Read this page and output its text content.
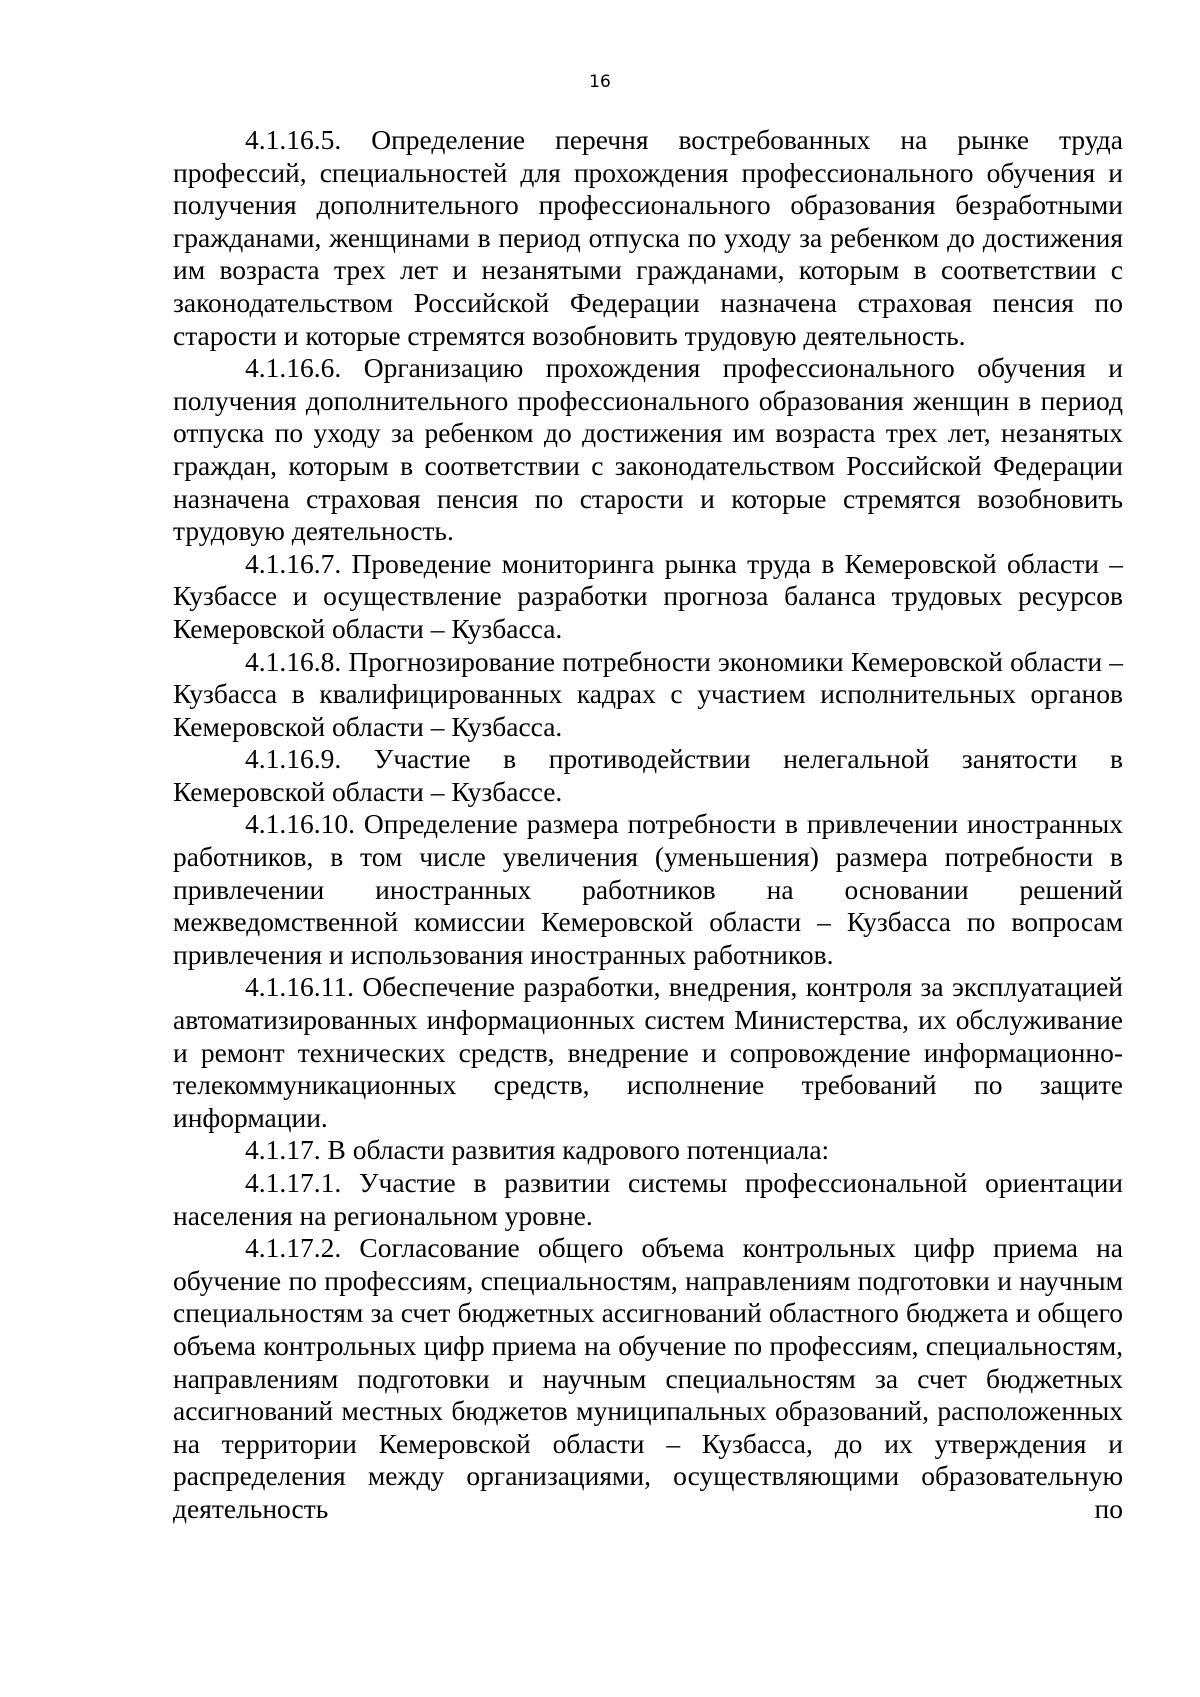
16

4.1.16.5. Определение перечня востребованных на рынке труда профессий, специальностей для прохождения профессионального обучения и получения дополнительного профессионального образования безработными гражданами, женщинами в период отпуска по уходу за ребенком до достижения им возраста трех лет и незанятыми гражданами, которым в соответствии с законодательством Российской Федерации назначена страховая пенсия по старости и которые стремятся возобновить трудовую деятельность.

4.1.16.6. Организацию прохождения профессионального обучения и получения дополнительного профессионального образования женщин в период отпуска по уходу за ребенком до достижения им возраста трех лет, незанятых граждан, которым в соответствии с законодательством Российской Федерации назначена страховая пенсия по старости и которые стремятся возобновить трудовую деятельность.

4.1.16.7. Проведение мониторинга рынка труда в Кемеровской области – Кузбассе и осуществление разработки прогноза баланса трудовых ресурсов Кемеровской области – Кузбасса.

4.1.16.8. Прогнозирование потребности экономики Кемеровской области – Кузбасса в квалифицированных кадрах с участием исполнительных органов Кемеровской области – Кузбасса.

4.1.16.9. Участие в противодействии нелегальной занятости в Кемеровской области – Кузбассе.

4.1.16.10. Определение размера потребности в привлечении иностранных работников, в том числе увеличения (уменьшения) размера потребности в привлечении иностранных работников на основании решений межведомственной комиссии Кемеровской области – Кузбасса по вопросам привлечения и использования иностранных работников.

4.1.16.11. Обеспечение разработки, внедрения, контроля за эксплуатацией автоматизированных информационных систем Министерства, их обслуживание и ремонт технических средств, внедрение и сопровождение информационно-телекоммуникационных средств, исполнение требований по защите информации.

4.1.17. В области развития кадрового потенциала:

4.1.17.1. Участие в развитии системы профессиональной ориентации населения на региональном уровне.

4.1.17.2. Согласование общего объема контрольных цифр приема на обучение по профессиям, специальностям, направлениям подготовки и научным специальностям за счет бюджетных ассигнований областного бюджета и общего объема контрольных цифр приема на обучение по профессиям, специальностям, направлениям подготовки и научным специальностям за счет бюджетных ассигнований местных бюджетов муниципальных образований, расположенных на территории Кемеровской области – Кузбасса, до их утверждения и распределения между организациями, осуществляющими образовательную деятельность по
